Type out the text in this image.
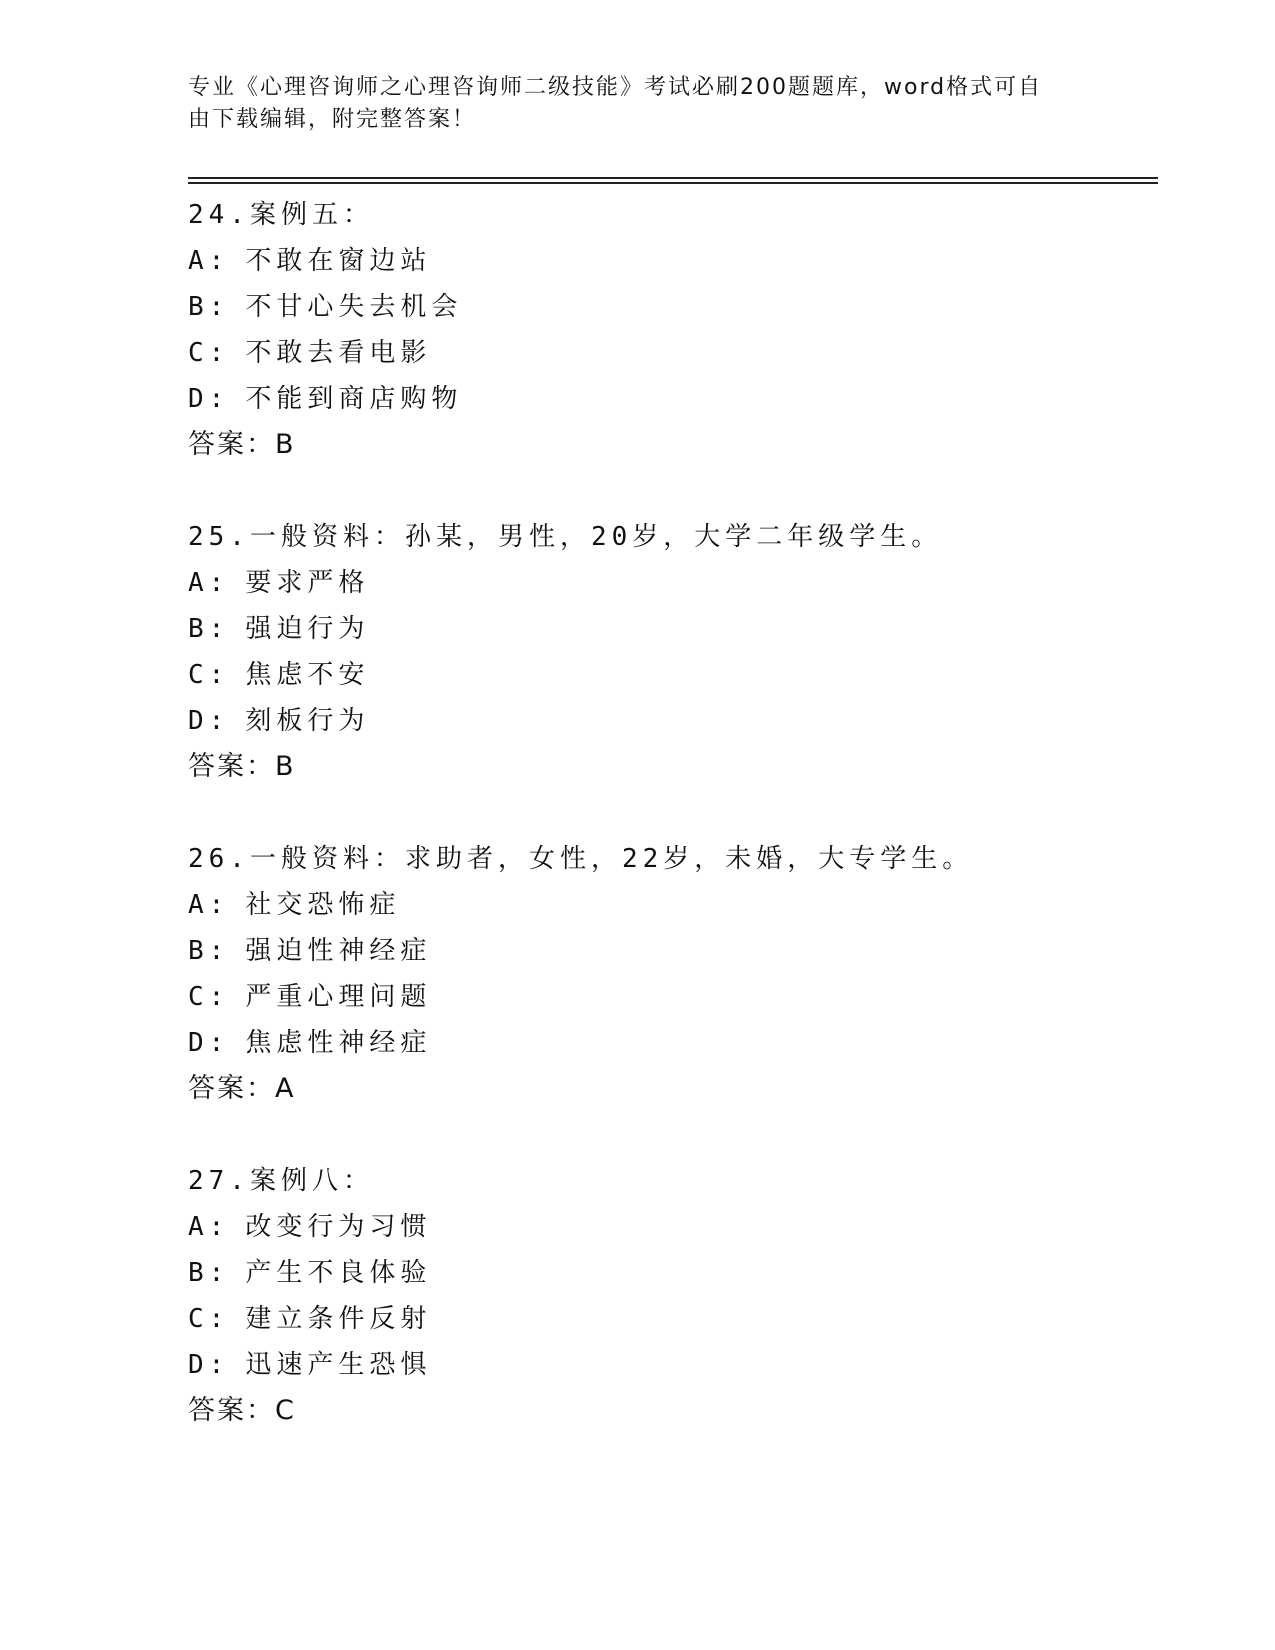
专业《心理咨询师之心理咨询师二级技能》考试必刷200题题库，word格式可自
由下载编辑，附完整答案！
24.案例五：
A: 不敢在窗边站
B: 不甘心失去机会
C: 不敢去看电影
D: 不能到商店购物
答案：B
25.一般资料：孙某，男性，20岁，大学二年级学生。
A: 要求严格
B: 强迫行为
C: 焦虑不安
D: 刻板行为
答案：B
26.一般资料：求助者，女性，22岁，未婚，大专学生。
A: 社交恐怖症
B: 强迫性神经症
C: 严重心理问题
D: 焦虑性神经症
答案：A
27.案例八：
A: 改变行为习惯
B: 产生不良体验
C: 建立条件反射
D: 迅速产生恐惧
答案：C
